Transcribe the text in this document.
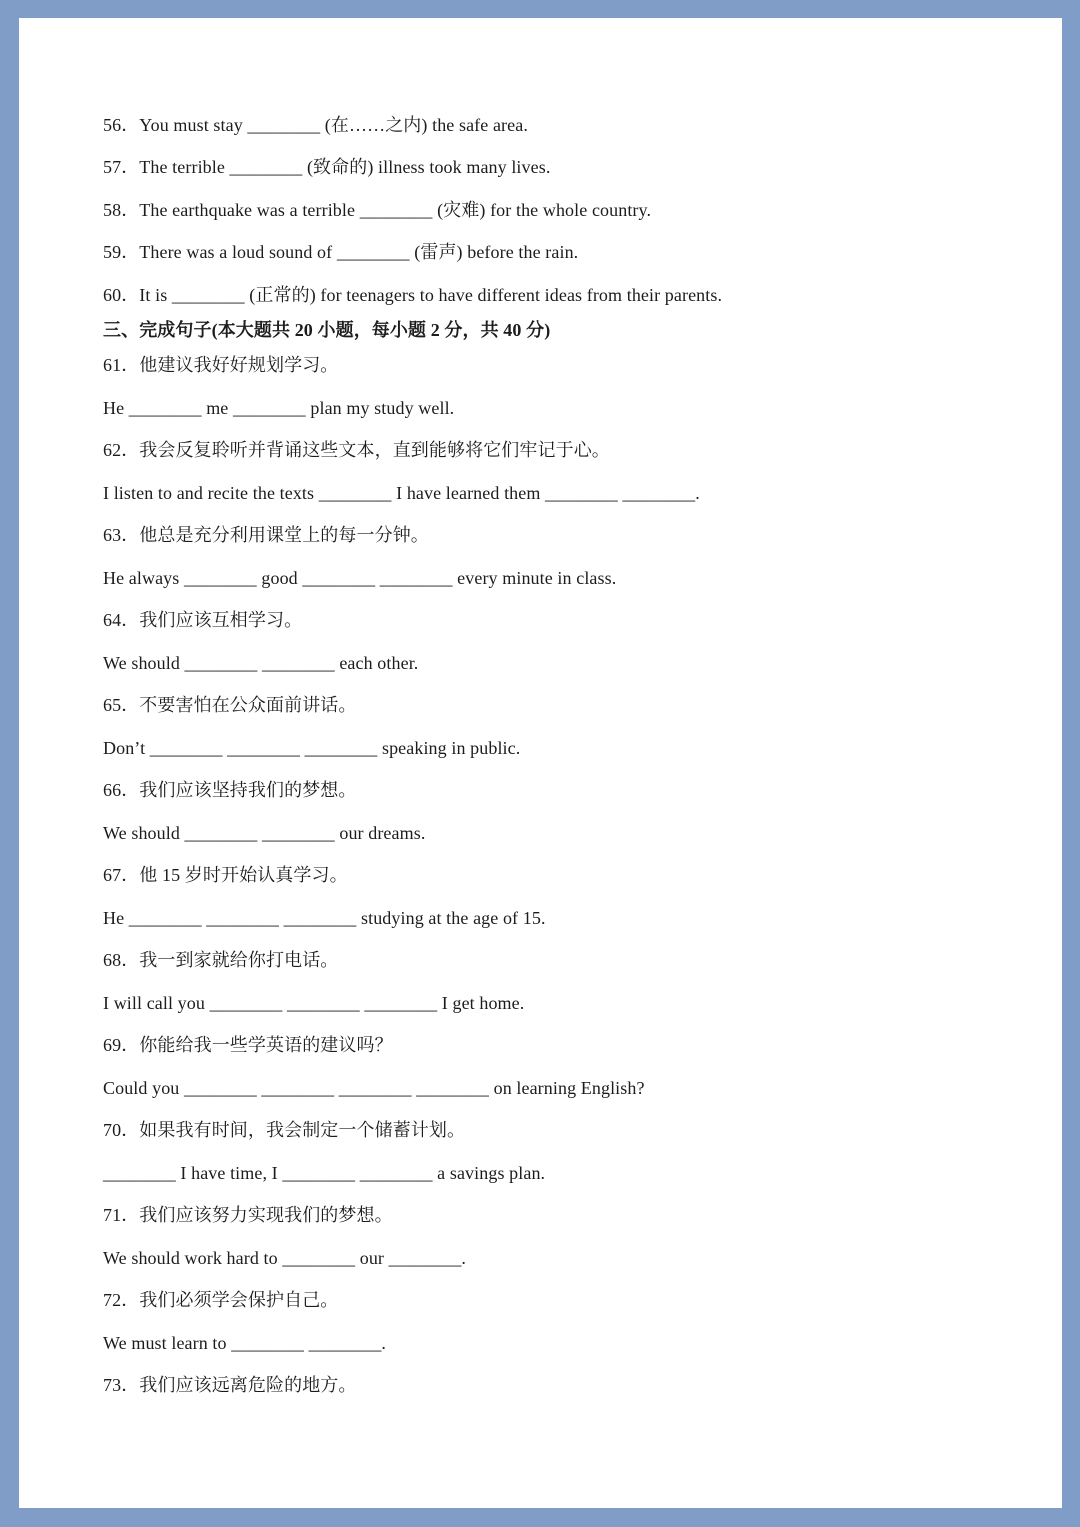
56．You must stay ________ (在……之内) the safe area.
57．The terrible ________ (致命的) illness took many lives.
58．The earthquake was a terrible ________ (灾难) for the whole country.
59．There was a loud sound of ________ (雷声) before the rain.
60．It is ________ (正常的) for teenagers to have different ideas from their parents.
三、完成句子(本大题共 20 小题，每小题 2 分，共 40 分)
61．他建议我好好规划学习。
He ________ me ________ plan my study well.
62．我会反复聆听并背诵这些文本，直到能够将它们牢记于心。
I listen to and recite the texts ________ I have learned them ________ ________.
63．他总是充分利用课堂上的每一分钟。
He always ________ good ________ ________ every minute in class.
64．我们应该互相学习。
We should ________ ________ each other.
65．不要害怕在公众面前讲话。
Don’t ________ ________ ________ speaking in public.
66．我们应该坚持我们的梦想。
We should ________ ________ our dreams.
67．他 15 岁时开始认真学习。
He ________ ________ ________ studying at the age of 15.
68．我一到家就给你打电话。
I will call you ________ ________ ________ I get home.
69．你能给我一些学英语的建议吗？
Could you ________ ________ ________ ________ on learning English?
70．如果我有时间，我会制定一个储蓄计划。
________ I have time, I ________ ________ a savings plan.
71．我们应该努力实现我们的梦想。
We should work hard to ________ our ________.
72．我们必须学会保护自己。
We must learn to ________ ________.
73．我们应该远离危险的地方。
